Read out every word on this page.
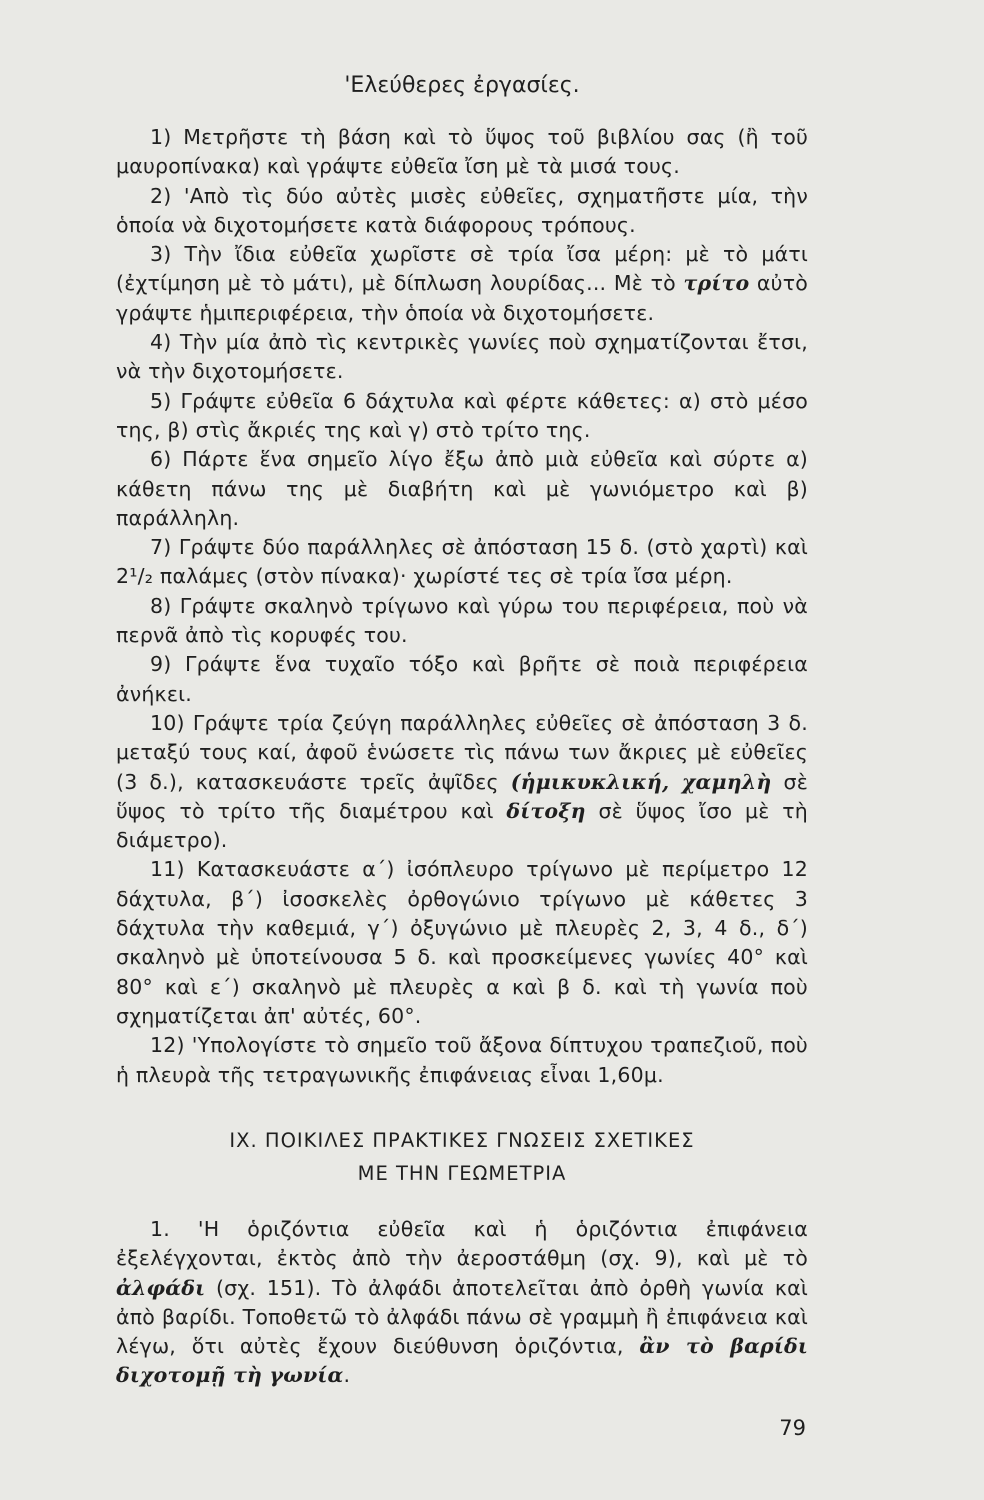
'Ελεύθερες ἐργασίες.

1) Μετρῆστε τὴ βάση καὶ τὸ ὕψος τοῦ βιβλίου σας (ἢ τοῦ μαυροπίνακα) καὶ γράψτε εὐθεῖα ἴση μὲ τὰ μισά τους.

2) 'Απὸ τὶς δύο αὐτὲς μισὲς εὐθεῖες, σχηματῆστε μία, τὴν ὁποία νὰ διχοτομήσετε κατὰ διάφορους τρόπους.

3) Τὴν ἴδια εὐθεῖα χωρῖστε σὲ τρία ἴσα μέρη: μὲ τὸ μάτι (ἐχτίμηση μὲ τὸ μάτι), μὲ δίπλωση λουρίδας... Μὲ τὸ τρίτο αὐτὸ γράψτε ἡμιπεριφέρεια, τὴν ὁποία νὰ διχοτομήσετε.

4) Τὴν μία ἀπὸ τὶς κεντρικὲς γωνίες ποὺ σχηματίζονται ἔτσι, νὰ τὴν διχοτομήσετε.

5) Γράψτε εὐθεῖα 6 δάχτυλα καὶ φέρτε κάθετες: α) στὸ μέσο της, β) στὶς ἄκριές της καὶ γ) στὸ τρίτο της.

6) Πάρτε ἕνα σημεῖο λίγο ἔξω ἀπὸ μιὰ εὐθεῖα καὶ σύρτε α) κάθετη πάνω της μὲ διαβήτη καὶ μὲ γωνιόμετρο καὶ β) παράλληλη.

7) Γράψτε δύο παράλληλες σὲ ἀπόσταση 15 δ. (στὸ χαρτὶ) καὶ 2¹/₂ παλάμες (στὸν πίνακα)· χωρίστέ τες σὲ τρία ἴσα μέρη.

8) Γράψτε σκαληνὸ τρίγωνο καὶ γύρω του περιφέρεια, ποὺ νὰ περνᾶ ἀπὸ τὶς κορυφές του.

9) Γράψτε ἕνα τυχαῖο τόξο καὶ βρῆτε σὲ ποιὰ περιφέρεια ἀνήκει.

10) Γράψτε τρία ζεύγη παράλληλες εὐθεῖες σὲ ἀπόσταση 3 δ. μεταξύ τους καί, ἀφοῦ ἑνώσετε τὶς πάνω των ἄκριες μὲ εὐθεῖες (3 δ.), κατασκευάστε τρεῖς ἀψῖδες (ἡμικυκλική, χαμηλὴ σὲ ὕψος τὸ τρίτο τῆς διαμέτρου καὶ δίτοξη σὲ ὕψος ἴσο μὲ τὴ διάμετρο).

11) Κατασκευάστε α΄) ἰσόπλευρο τρίγωνο μὲ περίμετρο 12 δάχτυλα, β΄) ἰσοσκελὲς ὀρθογώνιο τρίγωνο μὲ κάθετες 3 δάχτυλα τὴν καθεμιά, γ΄) ὀξυγώνιο μὲ πλευρὲς 2, 3, 4 δ., δ΄) σκαληνὸ μὲ ὑποτείνουσα 5 δ. καὶ προσκείμενες γωνίες 40° καὶ 80° καὶ ε΄) σκαληνὸ μὲ πλευρὲς α καὶ β δ. καὶ τὴ γωνία ποὺ σχηματίζεται ἀπ' αὐτές, 60°.

12) 'Υπολογίστε τὸ σημεῖο τοῦ ἄξονα δίπτυχου τραπεζιοῦ, ποὺ ἡ πλευρὰ τῆς τετραγωνικῆς ἐπιφάνειας εἶναι 1,60μ.

IX. ΠΟΙΚΙΛΕΣ ΠΡΑΚΤΙΚΕΣ ΓΝΩΣΕΙΣ ΣΧΕΤΙΚΕΣ
ΜΕ ΤΗΝ ΓΕΩΜΕΤΡΙΑ

1. 'Η ὁριζόντια εὐθεῖα καὶ ἡ ὁριζόντια ἐπιφάνεια ἐξελέγχονται, ἐκτὸς ἀπὸ τὴν ἀεροστάθμη (σχ. 9), καὶ μὲ τὸ ἀλφάδι (σχ. 151). Τὸ ἀλφάδι ἀποτελεῖται ἀπὸ ὀρθὴ γωνία καὶ ἀπὸ βαρίδι. Τοποθετῶ τὸ ἀλφάδι πάνω σὲ γραμμὴ ἢ ἐπιφάνεια καὶ λέγω, ὅτι αὐτὲς ἔχουν διεύθυνση ὁριζόντια, ἂν τὸ βαρίδι διχοτομῇ τὴ γωνία.

79
